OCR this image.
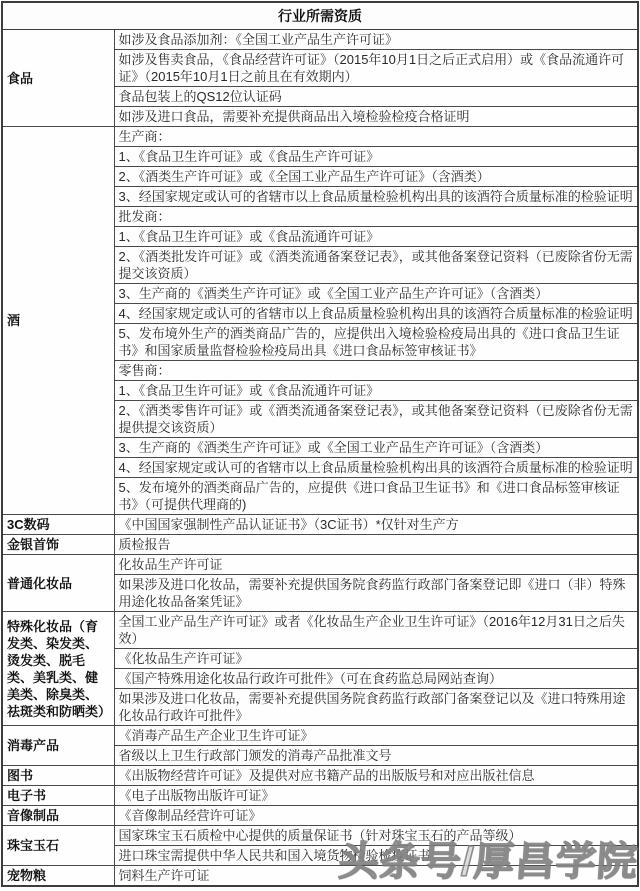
行业所需资质	
食品	如涉及食品添加剂：《全国工业产品生产许可证》
	如涉及售卖食品，《食品经营许可证》（2015年10月1日之后正式启用）或《食品流通许可证》（2015年10月1日之前且在有效期内）
	食品包装上的QS12位认证码
	如涉及进口食品，需要补充提供商品出入境检验检疫合格证明
酒	生产商：
	1、《食品卫生许可证》或《食品生产许可证》
	2、《酒类生产许可证》或《全国工业产品生产许可证》（含酒类）
	3、经国家规定或认可的省辖市以上食品质量检验机构出具的该酒符合质量标准的检验证明
	批发商：
	1、《食品卫生许可证》或《食品流通许可证》
	2、《酒类批发许可证》或《酒类流通备案登记表》，或其他备案登记资料（已废除省份无需提交该资质）
	3、生产商的《酒类生产许可证》或《全国工业产品生产许可证》（含酒类）
	4、经国家规定或认可的省辖市以上食品质量检验机构出具的该酒符合质量标准的检验证明
	5、发布境外生产的酒类商品广告的，应提供出入境检验检疫局出具的《进口食品卫生证书》和国家质量监督检验检疫局出具《进口食品标签审核证书》
	零售商：
	1、《食品卫生许可证》或《食品流通许可证》
	2、《酒类零售许可证》或《酒类流通备案登记表》，或其他备案登记资料（已废除省份无需提供提交该资质）
	3、生产商的《酒类生产许可证》或《全国工业产品生产许可证》（含酒类）
	4、经国家规定或认可的省辖市以上食品质量检验机构出具的该酒符合质量标准的检验证明
	5、发布境外的酒类商品广告的，应提供《进口食品卫生证书》和《进口食品标签审核证书》（可提供代理商的)
3C数码	《中国国家强制性产品认证证书》（3C证书）*仅针对生产方
金银首饰	质检报告
普通化妆品	化妆品生产许可证
	如果涉及进口化妆品，需要补充提供国务院食药监行政部门备案登记即《进口（非）特殊用途化妆品备案凭证》
特殊化妆品（育发类、染发类、烫发类、脱毛类、美乳类、健美类、除臭类、祛斑类和防晒类）	全国工业产品生产许可证》或者《化妆品生产企业卫生许可证》（2016年12月31日之后失效）
	《化妆品生产许可证》
	《国产特殊用途化妆品行政许可批件》（可在食药监总局网站查询）
	如果涉及进口化妆品，需要补充提供国务院食药监行政部门备案登记以及《进口特殊用途化妆品行政许可批件》
消毒产品	《消毒产品生产企业卫生许可证》
	省级以上卫生行政部门颁发的消毒产品批准文号
图书	《出版物经营许可证》及提供对应书籍产品的出版版号和对应出版社信息
电子书	《电子出版物出版许可证》
音像制品	《音像制品经营许可证》
珠宝玉石	国家珠宝玉石质检中心提供的质量保证书（针对珠宝玉石的产品等级）
	进口珠宝需提供中华人民共和国入境货物检验检疫证书
宠物粮	饲料生产许可证	头条号/厚昌学院
